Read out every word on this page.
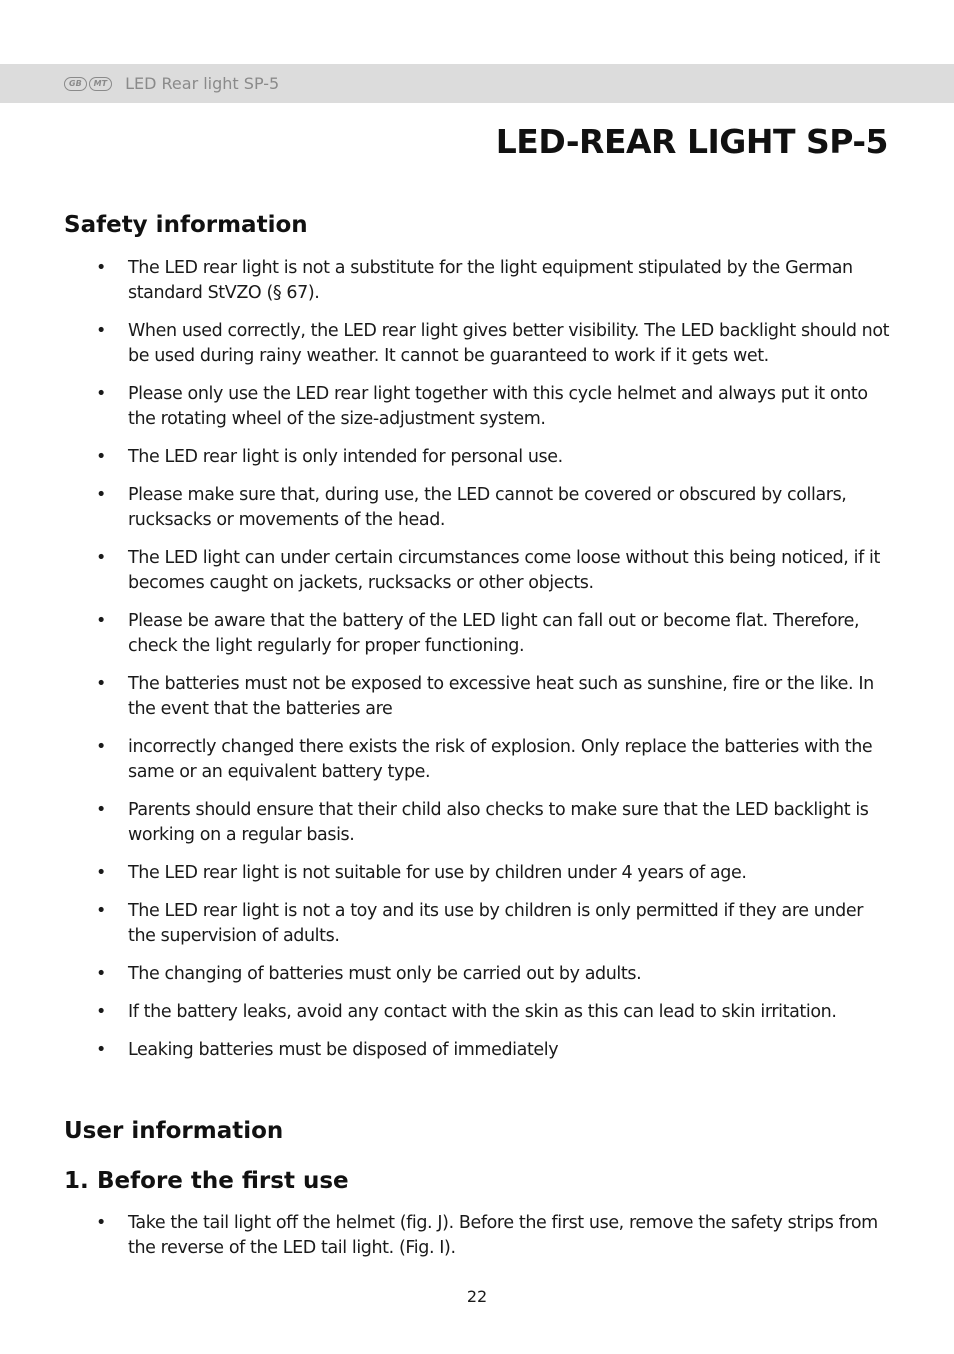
GB	MT	LED Rear light SP-5
LED-REAR LIGHT SP-5
Safety information
• The LED rear light is not a substitute for the light equipment stipulated by the German standard StVZO (§ 67).
• When used correctly, the LED rear light gives better visibility. The LED backlight should not be used during rainy weather. It cannot be guaranteed to work if it gets wet.
• Please only use the LED rear light together with this cycle helmet and always put it onto the rotating wheel of the size-adjustment system.
• The LED rear light is only intended for personal use.
• Please make sure that, during use, the LED cannot be covered or obscured by collars, rucksacks or movements of the head.
• The LED light can under certain circumstances come loose without this being noticed, if it becomes caught on jackets, rucksacks or other objects.
• Please be aware that the battery of the LED light can fall out or become flat. Therefore, check the light regularly for proper functioning.
• The batteries must not be exposed to excessive heat such as sunshine, fire or the like. In the event that the batteries are
• incorrectly changed there exists the risk of explosion. Only replace the batteries with the same or an equivalent battery type.
• Parents should ensure that their child also checks to make sure that the LED backlight is working on a regular basis.
• The LED rear light is not suitable for use by children under 4 years of age.
• The LED rear light is not a toy and its use by children is only permitted if they are under the supervision of adults.
• The changing of batteries must only be carried out by adults.
• If the battery leaks, avoid any contact with the skin as this can lead to skin irritation.
• Leaking batteries must be disposed of immediately
User information
1. Before the first use
• Take the tail light off the helmet (fig. J). Before the first use, remove the safety strips from the reverse of the LED tail light. (Fig. I).
22
